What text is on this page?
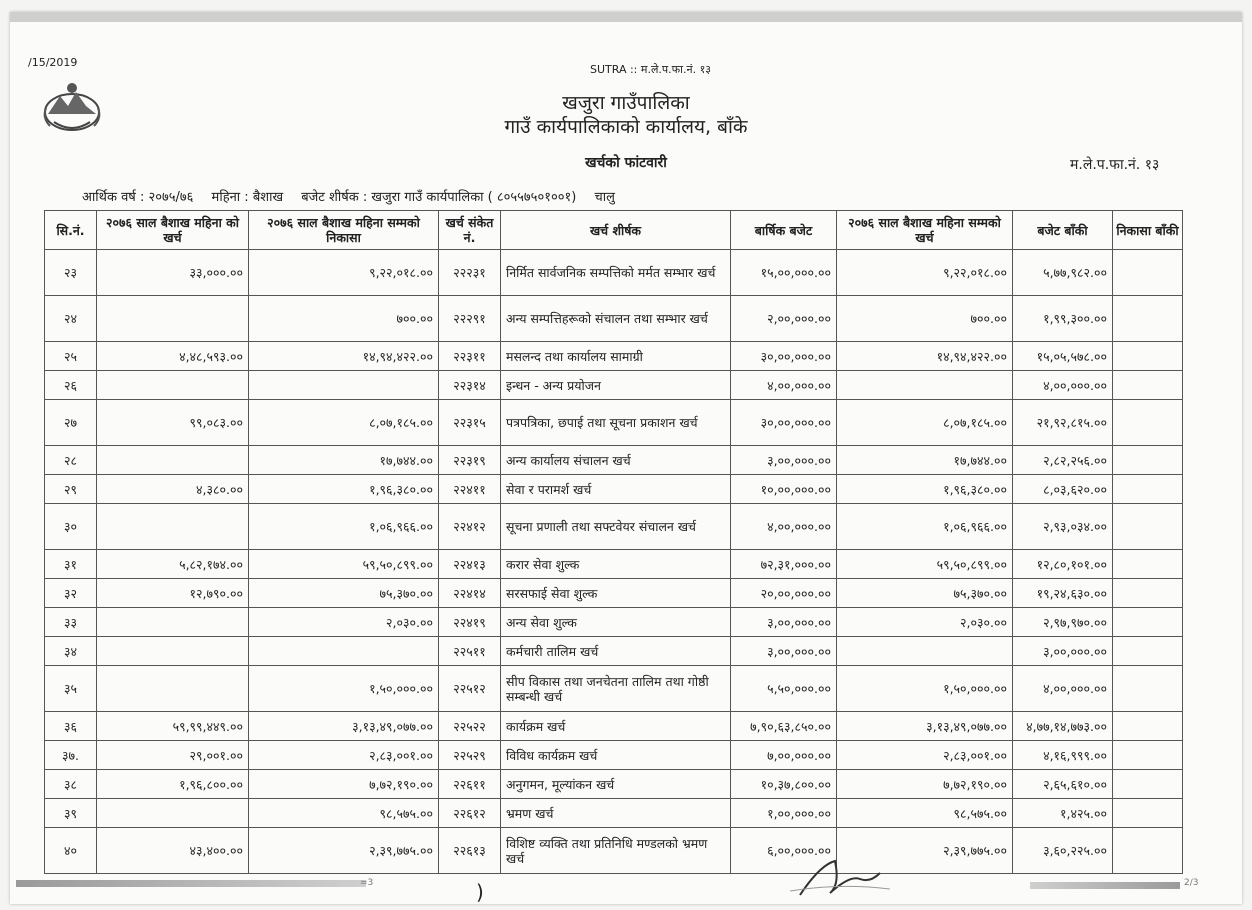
/15/2019
SUTRA :: म.ले.प.फा.नं. १३
खजुरा गाउँपालिका
गाउँ कार्यपालिकाको कार्यालय, बाँके
खर्चको फांटवारी	म.ले.प.फा.नं. १३
आर्थिक वर्ष : २०७५/७६ महिना : बैशाख बजेट शीर्षक : खजुरा गाउँ कार्यपालिका ( ८०५५७५०१००१) चालु
सि.नं.	२०७६ साल बैशाख महिना को खर्च	२०७६ साल बैशाख महिना सम्मको निकासा	खर्च संकेत नं.	खर्च शीर्षक	बार्षिक बजेट	२०७६ साल बैशाख महिना सम्मको खर्च	बजेट बाँकी	निकासा बाँकी
२३	३३,०००.००	९,२२,०१८.००	२२२३१	निर्मित सार्वजनिक सम्पत्तिको मर्मत सम्भार खर्च	१५,००,०००.००	९,२२,०१८.००	५,७७,९८२.००	
२४		७००.००	२२२९१	अन्य सम्पत्तिहरूको संचालन तथा सम्भार खर्च	२,००,०००.००	७००.००	१,९९,३००.००	
२५	४,४८,५९३.००	१४,९४,४२२.००	२२३११	मसलन्द तथा कार्यालय सामाग्री	३०,००,०००.००	१४,९४,४२२.००	१५,०५,५७८.००	
२६			२२३१४	इन्धन - अन्य प्रयोजन	४,००,०००.००		४,००,०००.००	
२७	९९,०८३.००	८,०७,१८५.००	२२३१५	पत्रपत्रिका, छपाई तथा सूचना प्रकाशन खर्च	३०,००,०००.००	८,०७,१८५.००	२१,९२,८१५.००	
२८		१७,७४४.००	२२३१९	अन्य कार्यालय संचालन खर्च	३,००,०००.००	१७,७४४.००	२,८२,२५६.००	
२९	४,३८०.००	१,९६,३८०.००	२२४११	सेवा र परामर्श खर्च	१०,००,०००.००	१,९६,३८०.००	८,०३,६२०.००	
३०		१,०६,९६६.००	२२४१२	सूचना प्रणाली तथा सफ्टवेयर संचालन खर्च	४,००,०००.००	१,०६,९६६.००	२,९३,०३४.००	
३१	५,८२,१७४.००	५९,५०,८९९.००	२२४१३	करार सेवा शुल्क	७२,३१,०००.००	५९,५०,८९९.००	१२,८०,१०१.००	
३२	१२,७९०.००	७५,३७०.००	२२४१४	सरसफाई सेवा शुल्क	२०,००,०००.००	७५,३७०.००	१९,२४,६३०.००	
३३		२,०३०.००	२२४१९	अन्य सेवा शुल्क	३,००,०००.००	२,०३०.००	२,९७,९७०.००	
३४			२२५११	कर्मचारी तालिम खर्च	३,००,०००.००		३,००,०००.००	
३५		१,५०,०००.००	२२५१२	सीप विकास तथा जनचेतना तालिम तथा गोष्ठी सम्बन्धी खर्च	५,५०,०००.००	१,५०,०००.००	४,००,०००.००	
३६	५९,९९,४४९.००	३,१३,४९,०७७.००	२२५२२	कार्यक्रम खर्च	७,९०,६३,८५०.००	३,१३,४९,०७७.००	४,७७,१४,७७३.००	
३७.	२९,००१.००	२,८३,००१.००	२२५२९	विविध कार्यक्रम खर्च	७,००,०००.००	२,८३,००१.००	४,१६,९९९.००	
३८	१,९६,८००.००	७,७२,१९०.००	२२६११	अनुगमन, मूल्यांकन खर्च	१०,३७,८००.००	७,७२,१९०.००	२,६५,६१०.००	
३९		९८,५७५.००	२२६१२	भ्रमण खर्च	१,००,०००.००	९८,५७५.००	१,४२५.००	
४०	४३,४००.००	२,३९,७७५.००	२२६१३	विशिष्ट व्यक्ति तथा प्रतिनिधि मण्डलको भ्रमण खर्च	६,००,०००.००	२,३९,७७५.००	३,६०,२२५.००	
=3	)	2/3
